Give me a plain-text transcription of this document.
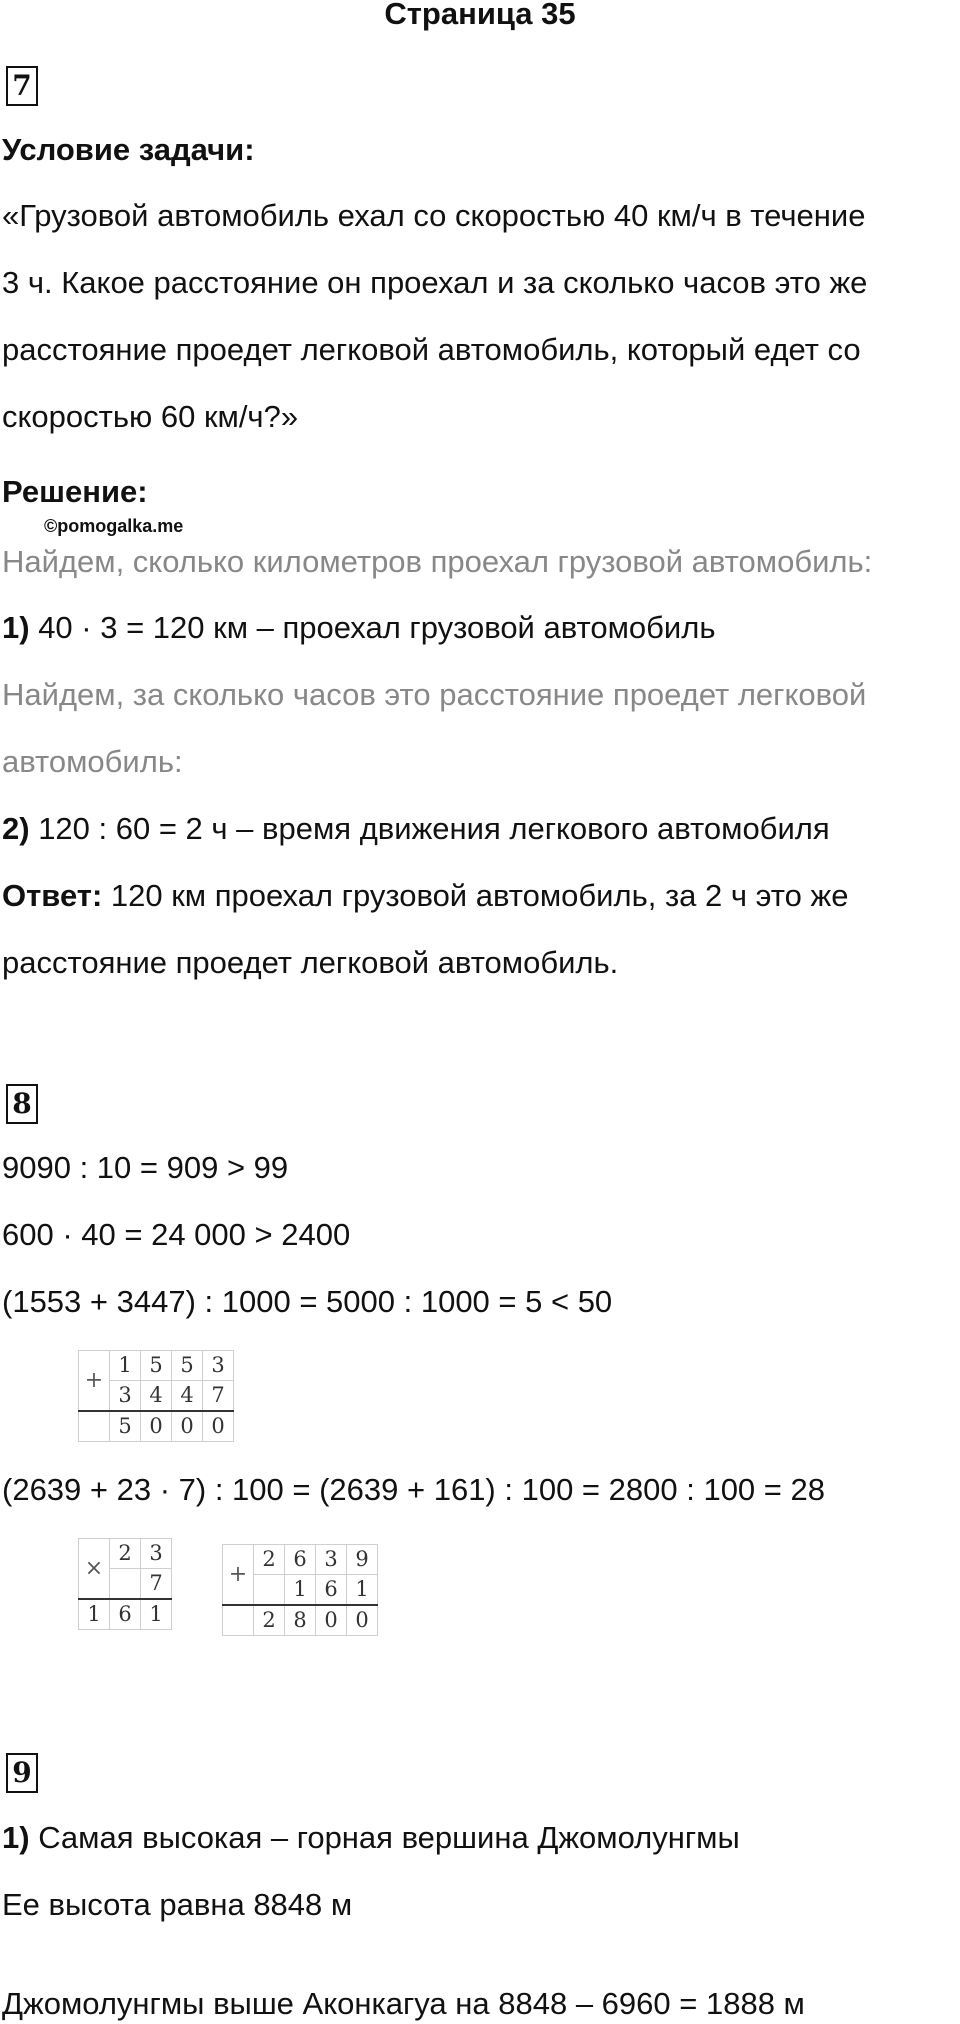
Страница 35
7
Условие задачи:
«Грузовой автомобиль ехал со скоростью 40 км/ч в течение
3 ч. Какое расстояние он проехал и за сколько часов это же
расстояние проедет легковой автомобиль, который едет со
скоростью 60 км/ч?»
Решение:
©pomogalka.me
Найдем, сколько километров проехал грузовой автомобиль:
1) 40 · 3 = 120 км – проехал грузовой автомобиль
Найдем, за сколько часов это расстояние проедет легковой
автомобиль:
2) 120 : 60 = 2 ч – время движения легкового автомобиля
Ответ: 120 км проехал грузовой автомобиль, за 2 ч это же
расстояние проедет легковой автомобиль.
8
9090 : 10 = 909 > 99
600 · 40 = 24 000 > 2400
(1553 + 3447) : 1000 = 5000 : 1000 = 5 < 50
+	1	5	5	3
	3	4	4	7
	5	0	0	0
(2639 + 23 · 7) : 100 = (2639 + 161) : 100 = 2800 : 100 = 28
×	2	3
		7
1	6	1
+	2	6	3	9
		1	6	1
	2	8	0	0
9
1) Самая высокая – горная вершина Джомолунгмы
Ее высота равна 8848 м
Джомолунгмы выше Аконкагуа на 8848 – 6960 = 1888 м
